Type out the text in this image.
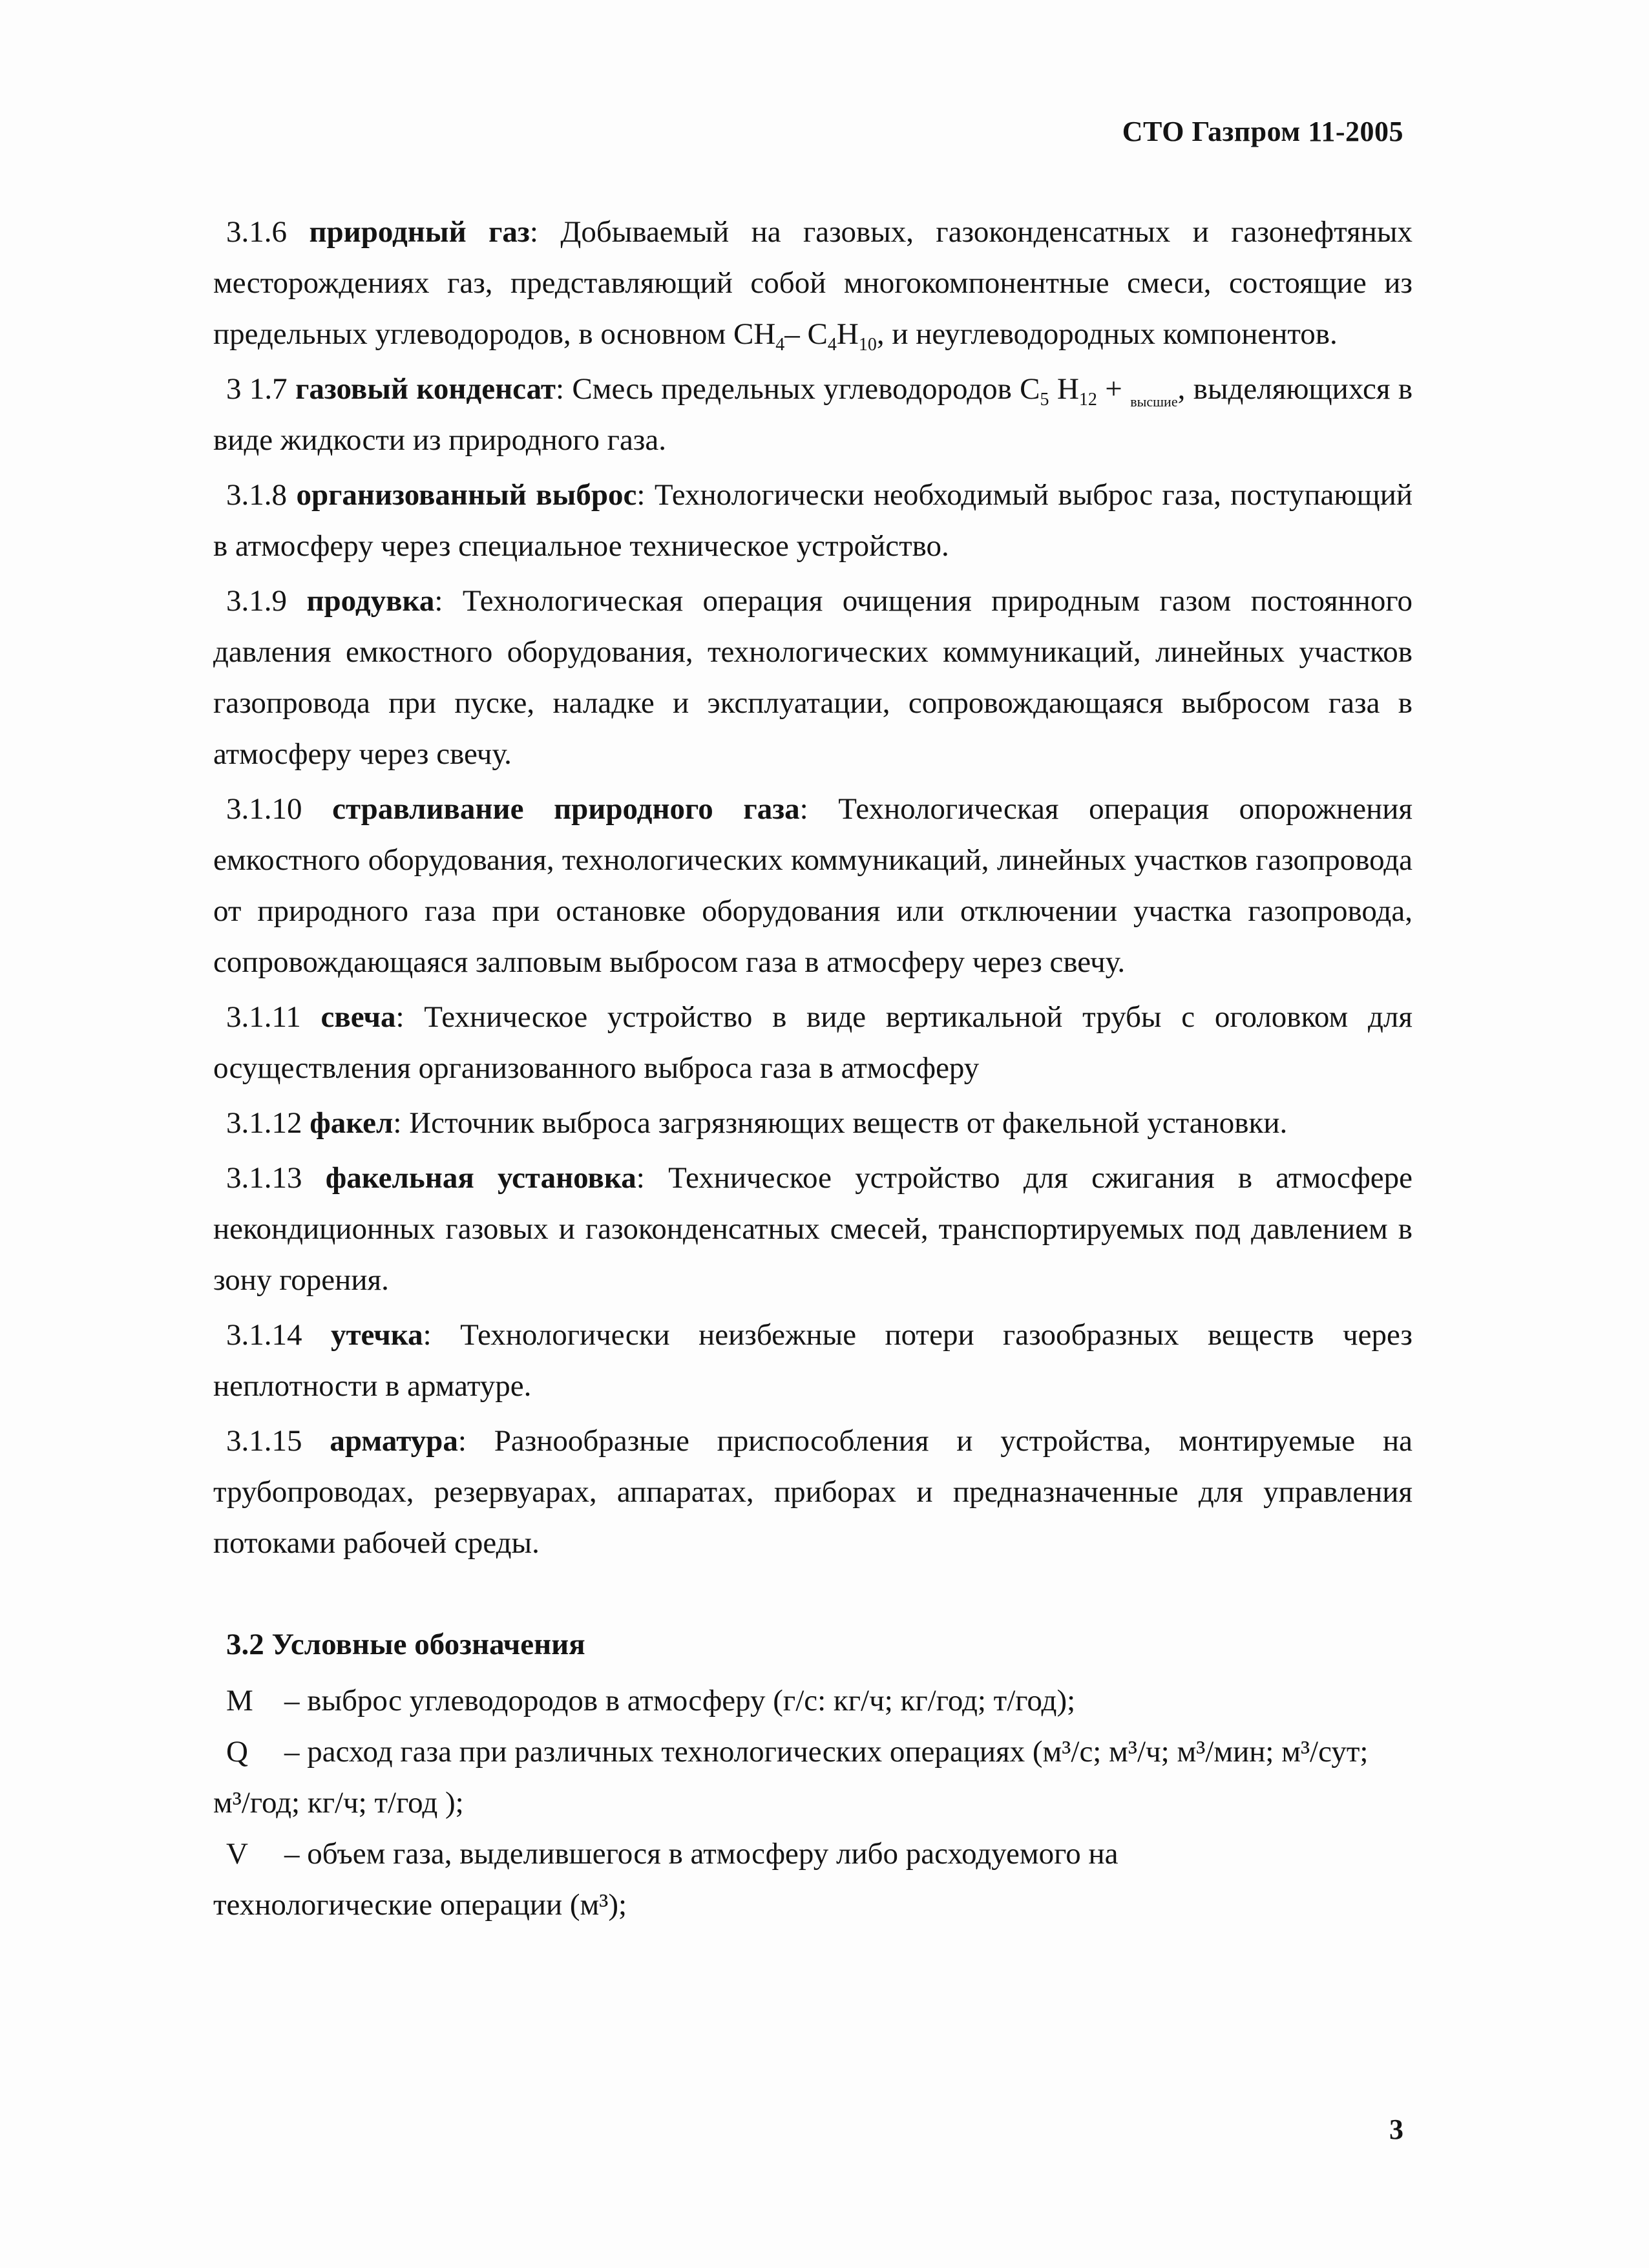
СТО Газпром 11-2005

3.1.6 природный газ: Добываемый на газовых, газоконденсатных и газонефтяных месторождениях газ, представляющий собой многокомпонентные смеси, состоящие из предельных углеводородов, в основном $CH_4-$ $C_4H_{10}$, и неуглеводородных компонентов.

3 1.7 газовый конденсат: Смесь предельных углеводородов $C_5$ $H_{12} + _{высшие}$, выделяющихся в виде жидкости из природного газа.

3.1.8 организованный выброс: Технологически необходимый выброс газа, поступающий в атмосферу через специальное техническое устройство.

3.1.9 продувка: Технологическая операция очищения природным газом постоянного давления емкостного оборудования, технологических коммуникаций, линейных участков газопровода при пуске, наладке и эксплуатации, сопровождающаяся выбросом газа в атмосферу через свечу.

3.1.10 стравливание природного газа: Технологическая операция опорожнения емкостного оборудования, технологических коммуникаций, линейных участков газопровода от природного газа при остановке оборудования или отключении участка газопровода, сопровождающаяся залповым выбросом газа в атмосферу через свечу.

3.1.11 свеча: Техническое устройство в виде вертикальной трубы с оголовком для осуществления организованного выброса газа в атмосферу

3.1.12 факел: Источник выброса загрязняющих веществ от факельной установки.

3.1.13 факельная установка: Техническое устройство для сжигания в атмосфере некондиционных газовых и газоконденсатных смесей, транспортируемых под давлением в зону горения.

3.1.14 утечка: Технологически неизбежные потери газообразных веществ через неплотности в арматуре.

3.1.15 арматура: Разнообразные приспособления и устройства, монтируемые на трубопроводах, резервуарах, аппаратах, приборах и предназначенные для управления потоками рабочей среды.

3.2 Условные обозначения
M	– выброс углеводородов в атмосферу (г/с: кг/ч; кг/год; т/год);
Q	– расход газа при различных технологических операциях (м³/с; м³/ч; м³/мин; м³/сут;

м³/год; кг/ч; т/год );

V	– объем газа, выделившегося в атмосферу либо расходуемого на

технологические операции (м³);

3
